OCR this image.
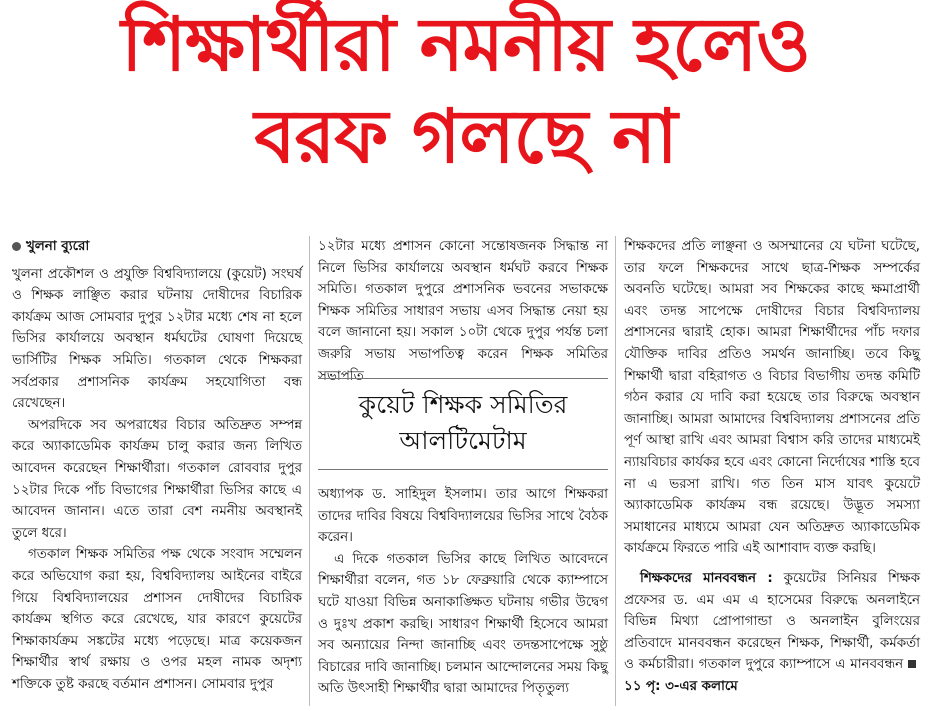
শিক্ষার্থীরা নমনীয় হলেও
বরফ গলছে না
খুলনা ব্যুরো

খুলনা প্রকৌশল ও প্রযুক্তি বিশ্ববিদ্যালয়ে (কুয়েট) সংঘর্ষ ও শিক্ষক লাঞ্ছিত করার ঘটনায় দোষীদের বিচারিক কার্যক্রম আজ সোমবার দুপুর ১২টার মধ্যে শেষ না হলে ভিসির কার্যালয়ে অবস্থান ধর্মঘটের ঘোষণা দিয়েছে ভার্সিটির শিক্ষক সমিতি। গতকাল থেকে শিক্ষকরা সর্বপ্রকার প্রশাসনিক কার্যক্রম সহযোগিতা বন্ধ রেখেছেন।

অপরদিকে সব অপরাধের বিচার অতিদ্রুত সম্পন্ন করে অ্যাকাডেমিক কার্যক্রম চালু করার জন্য লিখিত আবেদন করেছেন শিক্ষার্থীরা। গতকাল রোববার দুপুর ১২টার দিকে পাঁচ বিভাগের শিক্ষার্থীরা ভিসির কাছে এ আবেদন জানান। এতে তারা বেশ নমনীয় অবস্থানই তুলে ধরে।

গতকাল শিক্ষক সমিতির পক্ষ থেকে সংবাদ সম্মেলন করে অভিযোগ করা হয়, বিশ্ববিদ্যালয় আইনের বাইরে গিয়ে বিশ্ববিদ্যালয়ের প্রশাসন দোষীদের বিচারিক কার্যক্রম স্থগিত করে রেখেছে, যার কারণে কুয়েটের শিক্ষাকার্যক্রম সঙ্কটের মধ্যে পড়েছে। মাত্র কয়েকজন শিক্ষার্থীর স্বার্থ রক্ষায় ও ওপর মহল নামক অদৃশ্য শক্তিকে তুষ্ট করছে বর্তমান প্রশাসন। সোমবার দুপুর

১২টার মধ্যে প্রশাসন কোনো সন্তোষজনক সিদ্ধান্ত না নিলে ভিসির কার্যালয়ে অবস্থান ধর্মঘট করবে শিক্ষক সমিতি। গতকাল দুপুরে প্রশাসনিক ভবনের সভাকক্ষে শিক্ষক সমিতির সাধারণ সভায় এসব সিদ্ধান্ত নেয়া হয় বলে জানানো হয়। সকাল ১০টা থেকে দুপুর পর্যন্ত চলা জরুরি সভায় সভাপতিত্ব করেন শিক্ষক সমিতির সভাপতি

কুয়েট শিক্ষক সমিতির
আলটিমেটাম

অধ্যাপক ড. সাহিদুল ইসলাম। তার আগে শিক্ষকরা তাদের দাবির বিষয়ে বিশ্ববিদ্যালয়ের ভিসির সাথে বৈঠক করেন।

এ দিকে গতকাল ভিসির কাছে লিখিত আবেদনে শিক্ষার্থীরা বলেন, গত ১৮ ফেব্রুয়ারি থেকে ক্যাম্পাসে ঘটে যাওয়া বিভিন্ন অনাকাঙ্ক্ষিত ঘটনায় গভীর উদ্বেগ ও দুঃখ প্রকাশ করছি। সাধারণ শিক্ষার্থী হিসেবে আমরা সব অন্যায়ের নিন্দা জানাচ্ছি এবং তদন্তসাপেক্ষে সুষ্ঠু বিচারের দাবি জানাচ্ছি। চলমান আন্দোলনের সময় কিছু অতি উৎসাহী শিক্ষার্থীর দ্বারা আমাদের পিতৃতুল্য

শিক্ষকদের প্রতি লাঞ্ছনা ও অসম্মানের যে ঘটনা ঘটেছে, তার ফলে শিক্ষকদের সাথে ছাত্র-শিক্ষক সম্পর্কের অবনতি ঘটেছে। আমরা সব শিক্ষকের কাছে ক্ষমাপ্রার্থী এবং তদন্ত সাপেক্ষে দোষীদের বিচার বিশ্ববিদ্যালয় প্রশাসনের দ্বারাই হোক। আমরা শিক্ষার্থীদের পাঁচ দফার যৌক্তিক দাবির প্রতিও সমর্থন জানাচ্ছি। তবে কিছু শিক্ষার্থী দ্বারা বহিরাগত ও বিচার বিভাগীয় তদন্ত কমিটি গঠন করার যে দাবি করা হয়েছে তার বিরুদ্ধে অবস্থান জানাচ্ছি। আমরা আমাদের বিশ্ববিদ্যালয় প্রশাসনের প্রতি পূর্ণ আস্থা রাখি এবং আমরা বিশ্বাস করি তাদের মাধ্যমেই ন্যায়বিচার কার্যকর হবে এবং কোনো নির্দোষের শাস্তি হবে না এ ভরসা রাখি। গত তিন মাস যাবৎ কুয়েটে অ্যাকাডেমিক কার্যক্রম বন্ধ রয়েছে। উদ্ভূত সমস্যা সমাধানের মাধ্যমে আমরা যেন অতিদ্রুত অ্যাকাডেমিক কার্যক্রমে ফিরতে পারি এই আশাবাদ ব্যক্ত করছি।

শিক্ষকদের মানববন্ধন : কুয়েটের সিনিয়র শিক্ষক প্রফেসর ড. এম এম এ হাসেমের বিরুদ্ধে অনলাইনে বিভিন্ন মিথ্যা প্রোপাগান্ডা ও অনলাইন বুলিংয়ের প্রতিবাদে মানববন্ধন করেছেন শিক্ষক, শিক্ষার্থী, কর্মকর্তা ও কর্মচারীরা। গতকাল দুপুরে ক্যাম্পাসে এ মানববন্ধন ১১ পৃ: ৩-এর কলামে
